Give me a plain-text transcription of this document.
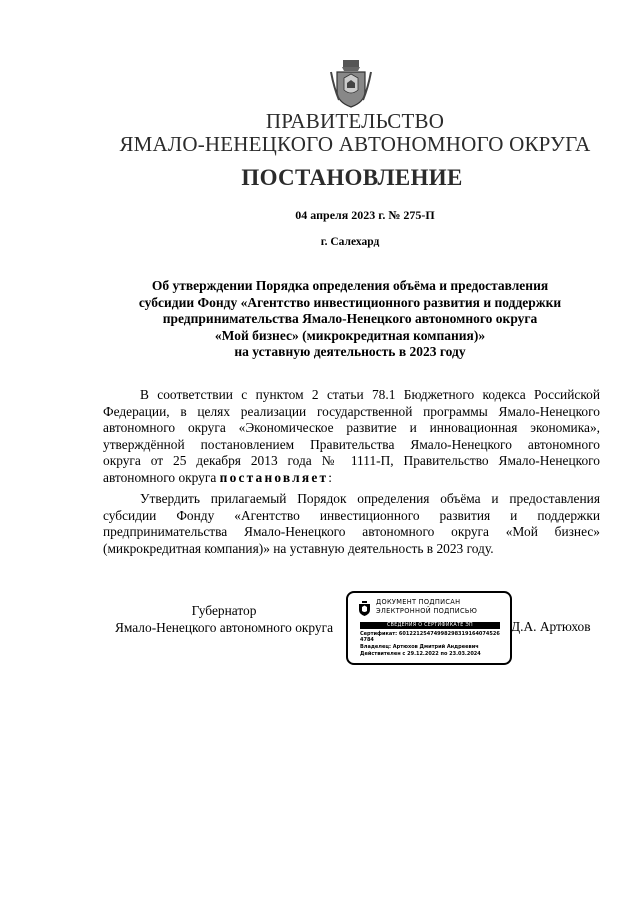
ПРАВИТЕЛЬСТВО
ЯМАЛО-НЕНЕЦКОГО АВТОНОМНОГО ОКРУГА
ПОСТАНОВЛЕНИЕ
04 апреля 2023 г. № 275-П
г. Салехард
Об утверждении Порядка определения объёма и предоставления
субсидии Фонду «Агентство инвестиционного развития и поддержки
предпринимательства Ямало-Ненецкого автономного округа
«Мой бизнес» (микрокредитная компания)»
на уставную деятельность в 2023 году
В соответствии с пунктом 2 статьи 78.1 Бюджетного кодекса Российской
Федерации, в целях реализации государственной программы Ямало-Ненецкого
автономного округа «Экономическое развитие и инновационная экономика»,
утверждённой постановлением Правительства Ямало-Ненецкого автономного
округа от 25 декабря 2013 года № 1111-П, Правительство Ямало-Ненецкого
автономного округа постановляет:
Утвердить прилагаемый Порядок определения объёма и предоставления
субсидии Фонду «Агентство инвестиционного развития и поддержки
предпринимательства Ямало-Ненецкого автономного округа «Мой бизнес»
(микрокредитная компания)» на уставную деятельность в 2023 году.
Губернатор
Ямало-Ненецкого автономного округа
ДОКУМЕНТ ПОДПИСАН
ЭЛЕКТРОННОЙ ПОДПИСЬЮ
СВЕДЕНИЯ О СЕРТИФИКАТЕ ЭП
Сертификат: 60122125474998298319164074526
4784
Владелец: Артюхов Дмитрий Андреевич
Действителен с 29.12.2022 по 23.03.2024
Д.А. Артюхов
